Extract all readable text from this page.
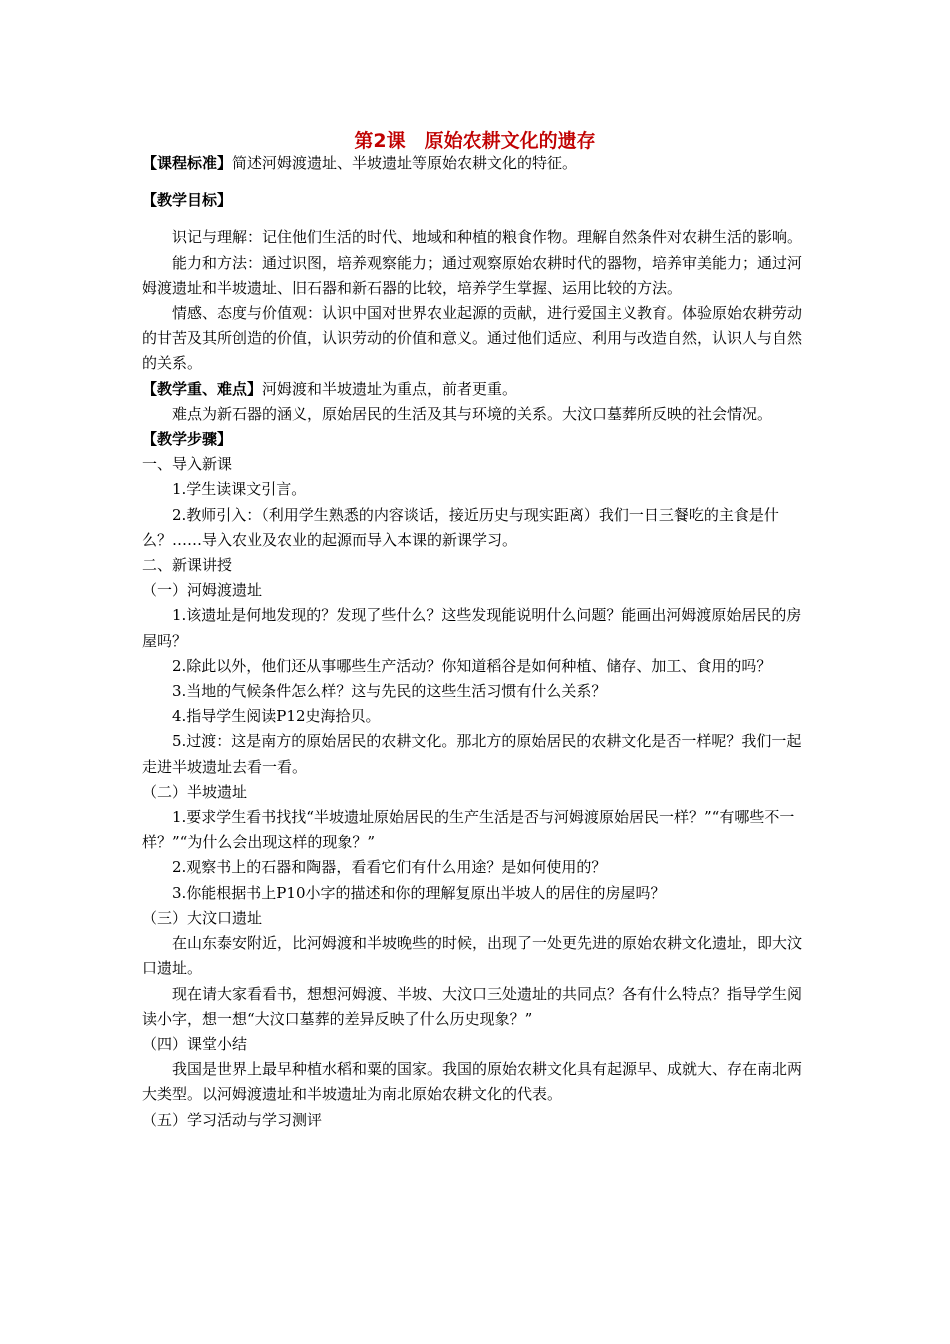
第2课　原始农耕文化的遗存

【课程标准】简述河姆渡遗址、半坡遗址等原始农耕文化的特征。

【教学目标】

识记与理解：记住他们生活的时代、地域和种植的粮食作物。理解自然条件对农耕生活的影响。

能力和方法：通过识图，培养观察能力；通过观察原始农耕时代的器物，培养审美能力；通过河姆渡遗址和半坡遗址、旧石器和新石器的比较，培养学生掌握、运用比较的方法。

情感、态度与价值观：认识中国对世界农业起源的贡献，进行爱国主义教育。体验原始农耕劳动的甘苦及其所创造的价值，认识劳动的价值和意义。通过他们适应、利用与改造自然，认识人与自然的关系。

【教学重、难点】河姆渡和半坡遗址为重点，前者更重。

难点为新石器的涵义，原始居民的生活及其与环境的关系。大汶口墓葬所反映的社会情况。

【教学步骤】

一、导入新课

1.学生读课文引言。

2.教师引入：（利用学生熟悉的内容谈话，接近历史与现实距离）我们一日三餐吃的主食是什么？……导入农业及农业的起源而导入本课的新课学习。

二、新课讲授

（一）河姆渡遗址

1.该遗址是何地发现的？发现了些什么？这些发现能说明什么问题？能画出河姆渡原始居民的房屋吗？

2.除此以外，他们还从事哪些生产活动？你知道稻谷是如何种植、储存、加工、食用的吗？

3.当地的气候条件怎么样？这与先民的这些生活习惯有什么关系？

4.指导学生阅读P12史海拾贝。

5.过渡：这是南方的原始居民的农耕文化。那北方的原始居民的农耕文化是否一样呢？我们一起走进半坡遗址去看一看。

（二）半坡遗址

1.要求学生看书找找“半坡遗址原始居民的生产生活是否与河姆渡原始居民一样？”“有哪些不一样？”“为什么会出现这样的现象？”

2.观察书上的石器和陶器，看看它们有什么用途？是如何使用的？

3.你能根据书上P10小字的描述和你的理解复原出半坡人的居住的房屋吗？

（三）大汶口遗址

在山东泰安附近，比河姆渡和半坡晚些的时候，出现了一处更先进的原始农耕文化遗址，即大汶口遗址。

现在请大家看看书，想想河姆渡、半坡、大汶口三处遗址的共同点？各有什么特点？指导学生阅读小字，想一想“大汶口墓葬的差异反映了什么历史现象？”

（四）课堂小结

我国是世界上最早种植水稻和粟的国家。我国的原始农耕文化具有起源早、成就大、存在南北两大类型。以河姆渡遗址和半坡遗址为南北原始农耕文化的代表。

（五）学习活动与学习测评
